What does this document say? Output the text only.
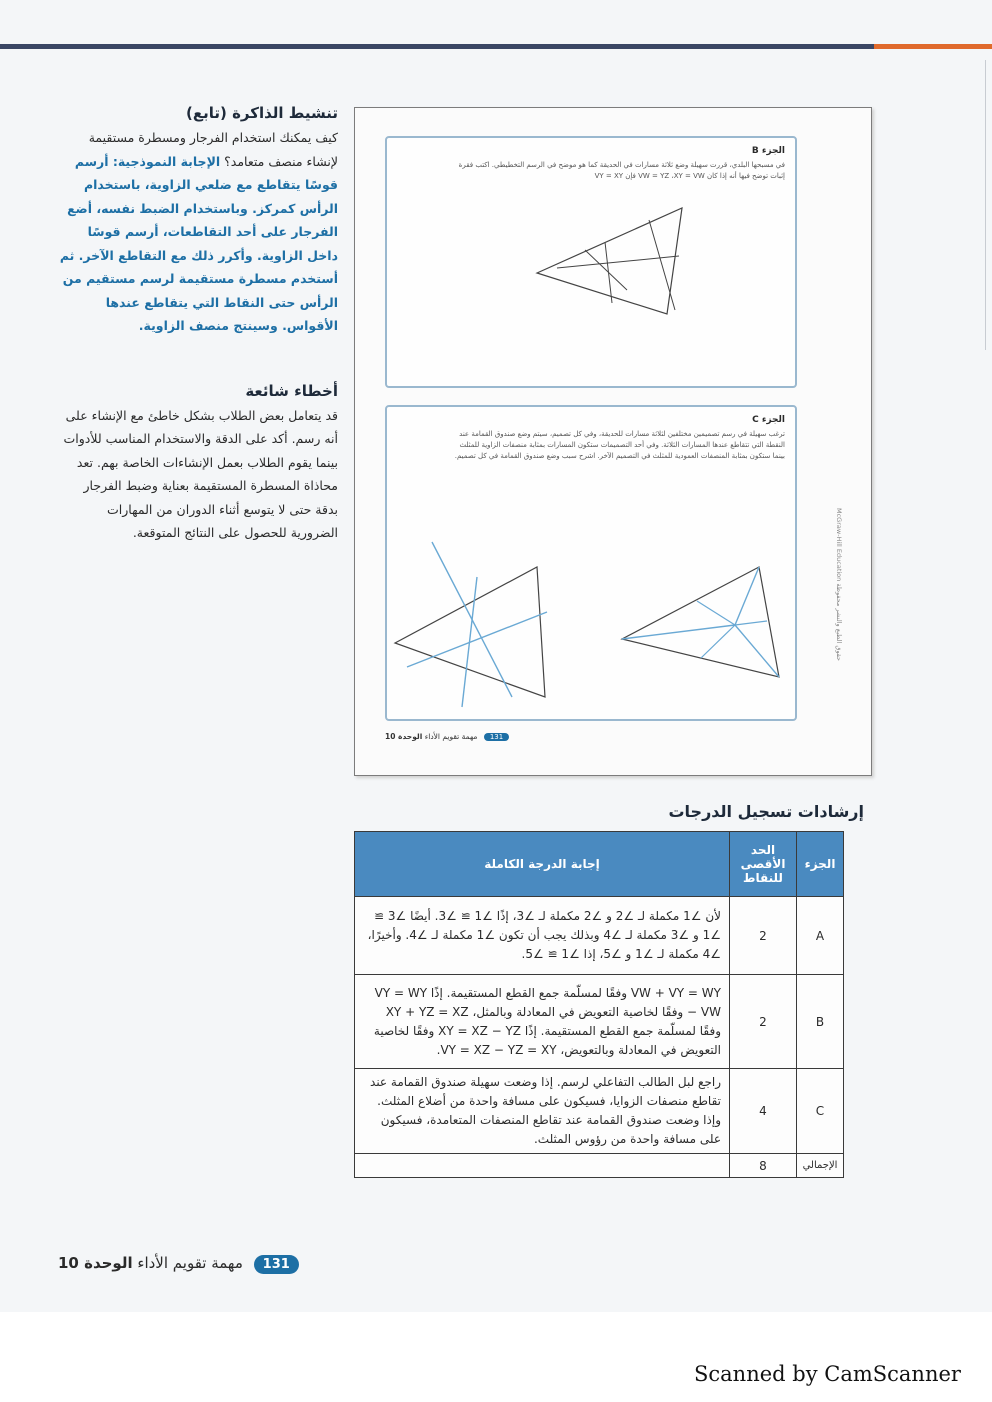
تنشيط الذاكرة (تابع)

كيف يمكنك استخدام الفرجار ومسطرة مستقيمة لإنشاء منصف متعامد؟ الإجابة النموذجية: أرسم قوسًا يتقاطع مع ضلعي الزاوية، باستخدام الرأس كمركز. وباستخدام الضبط نفسه، أضع الفرجار على أحد التقاطعات، أرسم قوسًا داخل الزاوية. وأكرر ذلك مع التقاطع الآخر. ثم أستخدم مسطرة مستقيمة لرسم مستقيم من الرأس حتى النقاط التي يتقاطع عندها الأقواس. وسينتج منصف الزاوية.

أخطاء شائعة

قد يتعامل بعض الطلاب بشكل خاطئ مع الإنشاء على أنه رسم. أكد على الدقة والاستخدام المناسب للأدوات بينما يقوم الطلاب بعمل الإنشاءات الخاصة بهم. تعد محاذاة المسطرة المستقيمة بعناية وضبط الفرجار بدقة حتى لا يتوسع أثناء الدوران من المهارات الضرورية للحصول على النتائج المتوقعة.

الجزء B
في مسبحها البلدي، قررت سهيلة وضع ثلاثة مسارات في الحديقة كما هو موضح في الرسم التخطيطي. اكتب فقرة إثبات توضح فيها أنه إذا كان VW = YZ ،XY = VW فإن VY = XY
الجزء C
ترغب سهيلة في رسم تصميمين مختلفين لثلاثة مسارات للحديقة، وفي كل تصميم، سيتم وضع صندوق القمامة عند النقطة التي تتقاطع عندها المسارات الثلاثة. وفي أحد التصميمات ستكون المسارات بمثابة منصفات الزاوية للمثلث بينما ستكون بمثابة المنصفات العمودية للمثلث في التصميم الآخر. اشرح سبب وضع صندوق القمامة في كل تصميم.
131 مهمة تقويم الأداء الوحدة 10
McGraw-Hill Education حقوق الطبع والنشر محفوظة
إرشادات تسجيل الدرجات
الجزء	الحد الأقصى للنقاط	إجابة الدرجة الكاملة
A	2	لأن ∠1 مكملة لـ ∠2 و ∠2 مكملة لـ ∠3، إذًا ∠1 ≅ ∠3. أيضًا ∠3 ≅ ∠1 و ∠3 مكملة لـ ∠4 وبذلك يجب أن تكون ∠1 مكملة لـ ∠4. وأخيرًا، ∠4 مكملة لـ ∠1 و ∠5، إذا ∠1 ≅ ∠5.
B	2	VW + VY = WY وفقًا لمسلّمة جمع القطع المستقيمة. إذًا VY = WY − VW وفقًا لخاصية التعويض في المعادلة وبالمثل، XY + YZ = XZ وفقًا لمسلّمة جمع القطع المستقيمة. إذًا XY = XZ − YZ وفقًا لخاصية التعويض في المعادلة وبالتعويض، VY = XZ − YZ = XY.
C	4	راجع لبل الطالب التفاعلي لرسم. إذا وضعت سهيلة صندوق القمامة عند تقاطع منصفات الزوايا، فسيكون على مسافة واحدة من أضلاع المثلث. وإذا وضعت صندوق القمامة عند تقاطع المنصفات المتعامدة، فسيكون على مسافة واحدة من رؤوس المثلث.
الإجمالي	8	
131 مهمة تقويم الأداء الوحدة 10
Scanned by CamScanner
